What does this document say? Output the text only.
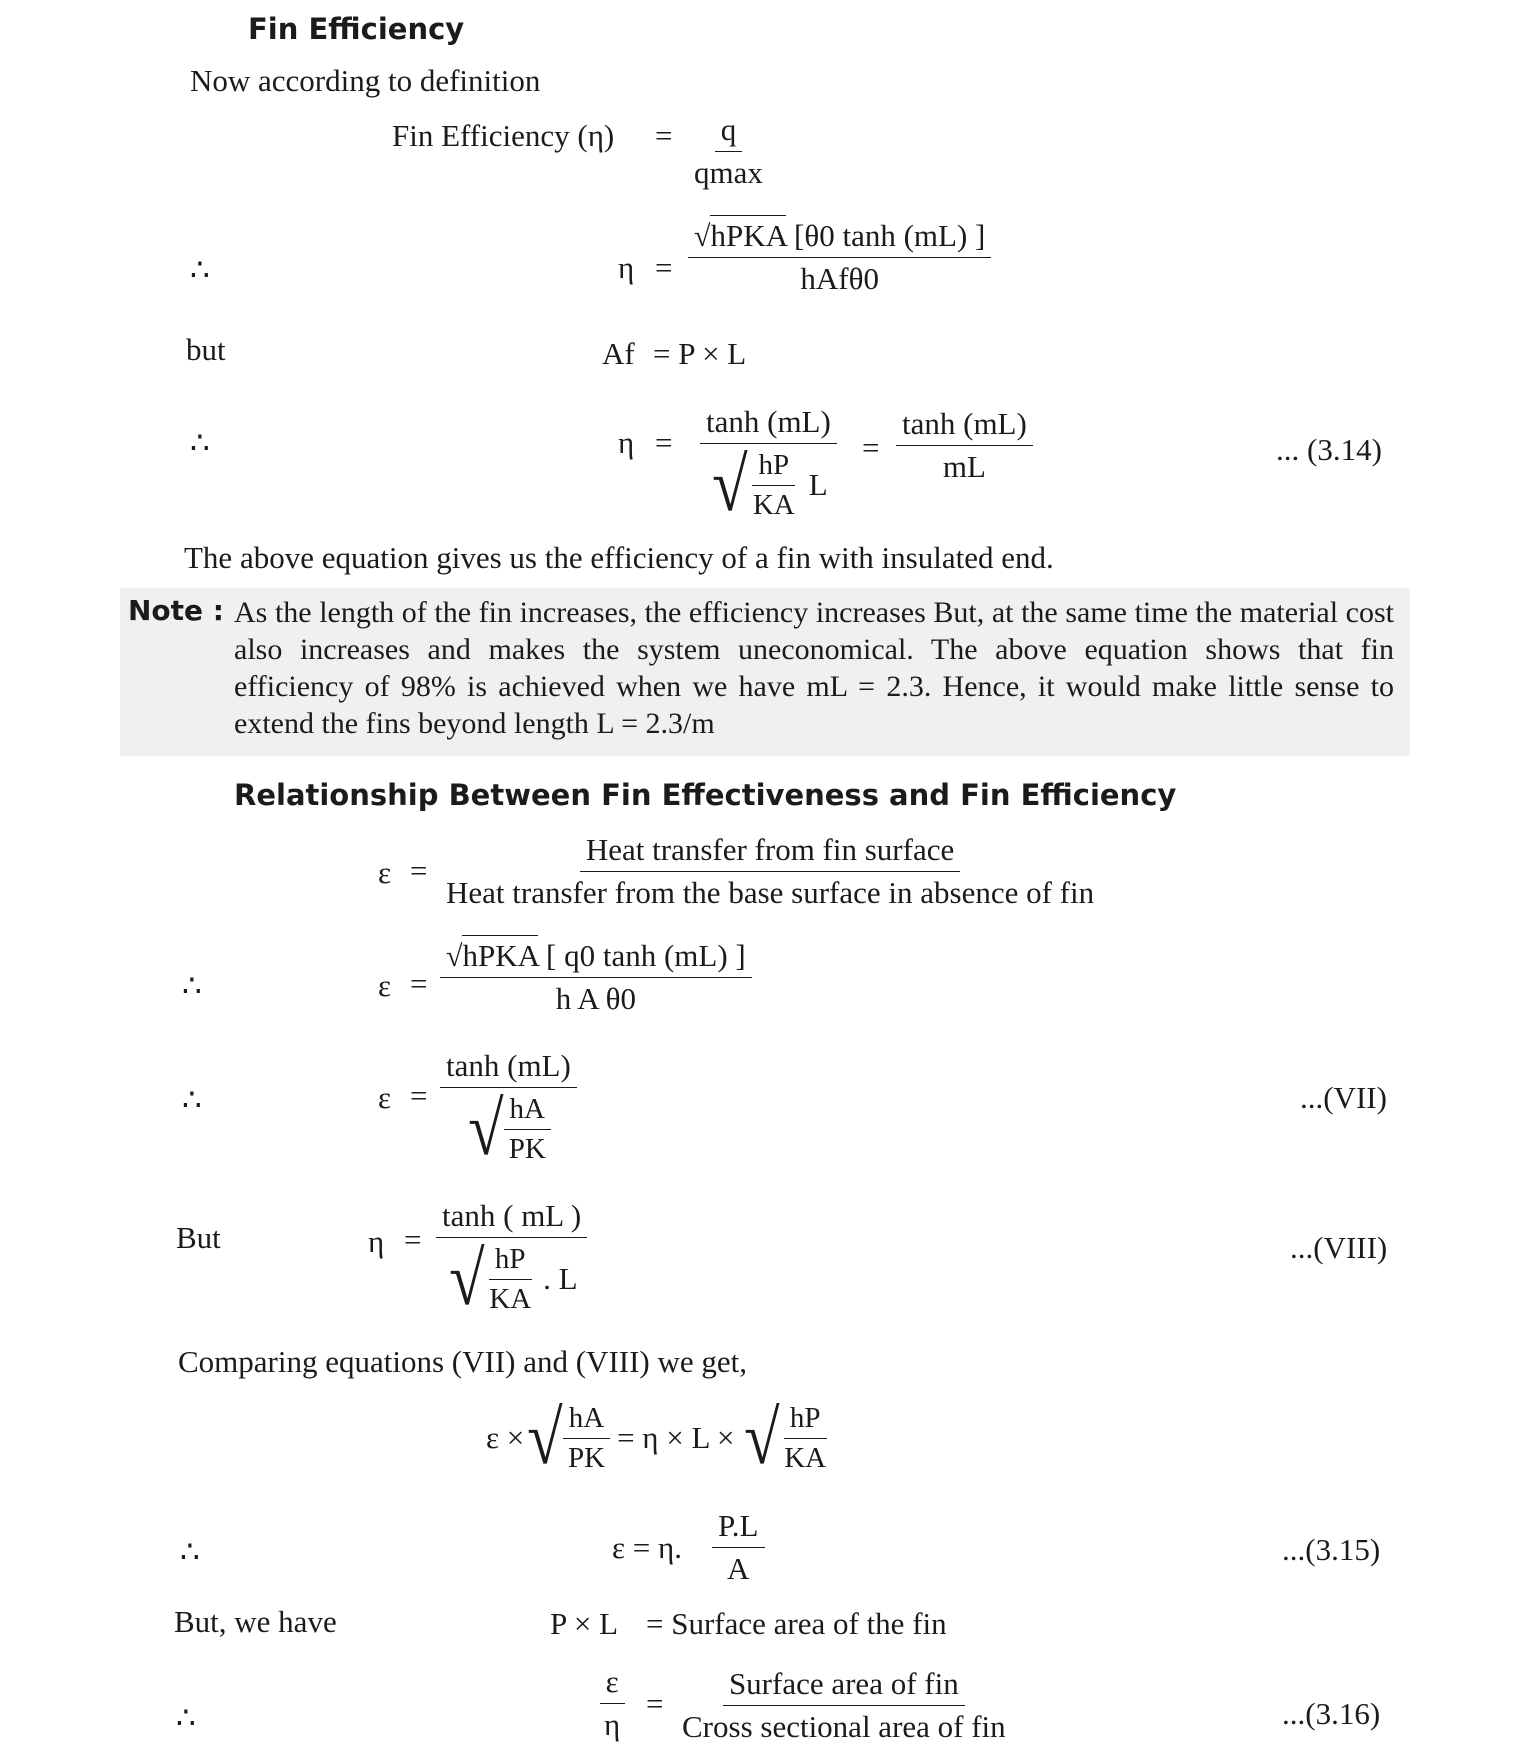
Fin Efficiency
Now according to definition
Fin Efficiency $(\eta) = \frac{q}{qmax}$
∴	$\eta = \frac{\text{√hPKA [θ0 tanh (mL) ]}}{\text{hAfθ0}}$
but	Af = P × L
∴	$\eta = \frac{\tanh (mL)}{√ \frac{hP}{KA} L} = \frac{\tanh (mL)}{mL}$	... (3.14)
The above equation gives us the efficiency of a fin with insulated end.
Note : As the length of the fin increases, the efficiency increases But, at the same time the material cost also increases and makes the system uneconomical. The above equation shows that fin efficiency of 98% is achieved when we have mL = 2.3. Hence, it would make little sense to extend the fins beyond length L = 2.3/m
Relationship Between Fin Effectiveness and Fin Efficiency
$\varepsilon = \frac{\text{Heat transfer from fin surface}}{\text{Heat transfer from the base surface in absence of fin}}$
∴	$\varepsilon = \frac{\text{√hPKA [ q0 tanh (mL) ]}}{\text{h A θ0}}$
∴	$\varepsilon = \frac{\tanh (mL)}{√ \frac{hA}{PK}}$	...(VII)
But	$\eta = \frac{\tanh ( mL )}{√ \frac{hP}{KA} . L}$	...(VIII)
Comparing equations (VII) and (VIII) we get,
ε × √ $\frac{hA}{PK} = \eta \times L$ × √ $\frac{hP}{KA}$
∴	ε = η. $\frac{P.L}{A}$	...(3.15)
But, we have	P × L = Surface area of the fin
∴	$\frac{\varepsilon}{\eta} = \frac{\text{Surface area of fin}}{\text{Cross sectional area of fin}}$	...(3.16)
